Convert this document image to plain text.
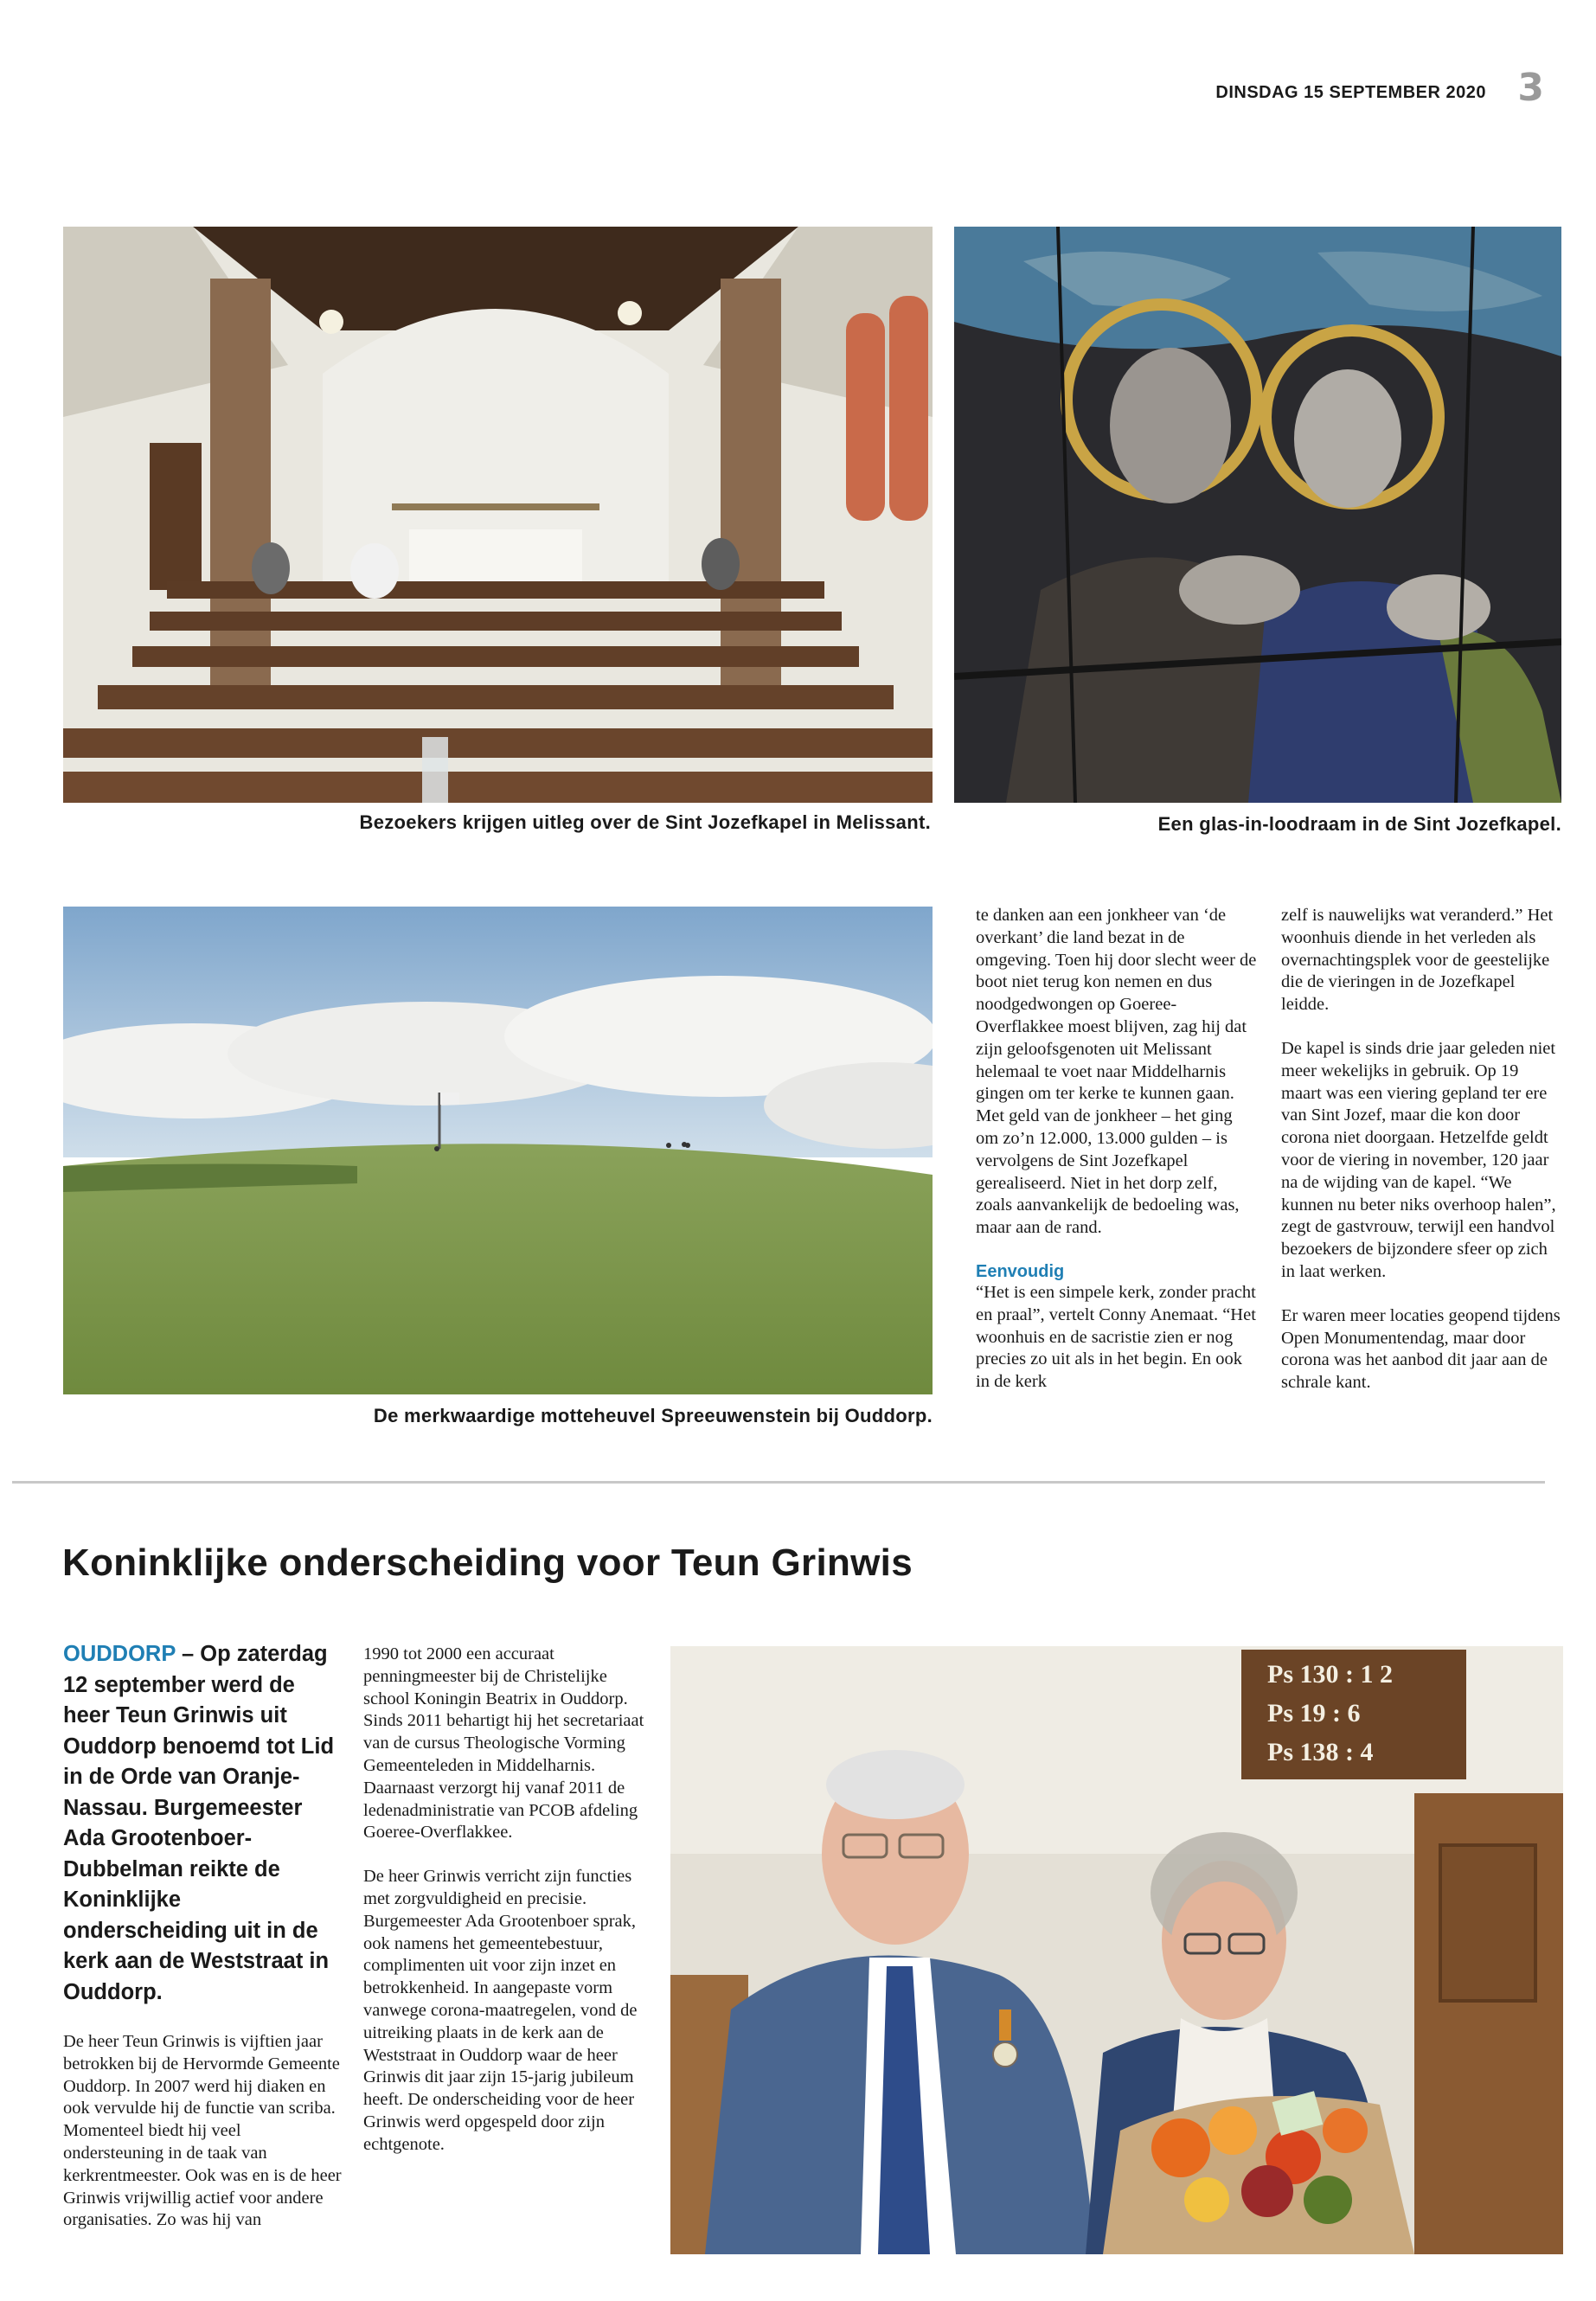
DINSDAG 15 SEPTEMBER 2020 3
Bezoekers krijgen uitleg over de Sint Jozefkapel in Melissant.	Een glas-in-loodraam in de Sint Jozefkapel.
De merkwaardige motteheuvel Spreeuwenstein bij Ouddorp.

te danken aan een jonkheer van ‘de overkant’ die land bezat in de omgeving. Toen hij door slecht weer de boot niet terug kon nemen en dus noodgedwongen op Goeree-Overflakkee moest blijven, zag hij dat zijn geloofsgenoten uit Melissant helemaal te voet naar Middelharnis gingen om ter kerke te kunnen gaan. Met geld van de jonkheer – het ging om zo’n 12.000, 13.000 gulden – is vervolgens de Sint Jozefkapel gerealiseerd. Niet in het dorp zelf, zoals aanvankelijk de bedoeling was, maar aan de rand.

Eenvoudig

“Het is een simpele kerk, zonder pracht en praal”, vertelt Conny Anemaat. “Het woonhuis en de sacristie zien er nog precies zo uit als in het begin. En ook in de kerk

zelf is nauwelijks wat veranderd.” Het woonhuis diende in het verleden als overnachtingsplek voor de geestelijke die de vieringen in de Jozefkapel leidde.

De kapel is sinds drie jaar geleden niet meer wekelijks in gebruik. Op 19 maart was een viering gepland ter ere van Sint Jozef, maar die kon door corona niet doorgaan. Hetzelfde geldt voor de viering in november, 120 jaar na de wijding van de kapel. “We kunnen nu beter niks overhoop halen”, zegt de gastvrouw, terwijl een handvol bezoekers de bijzondere sfeer op zich in laat werken.

Er waren meer locaties geopend tijdens Open Monumentendag, maar door corona was het aanbod dit jaar aan de schrale kant.

Koninklijke onderscheiding voor Teun Grinwis
OUDDORP – Op zaterdag 12 september werd de heer Teun Grinwis uit Ouddorp benoemd tot Lid in de Orde van Oranje-Nassau. Burgemeester Ada Grootenboer-Dubbelman reikte de Koninklijke onderscheiding uit in de kerk aan de Weststraat in Ouddorp.

De heer Teun Grinwis is vijftien jaar betrokken bij de Hervormde Gemeente Ouddorp. In 2007 werd hij diaken en ook vervulde hij de functie van scriba. Momenteel biedt hij veel ondersteuning in de taak van kerkrentmeester. Ook was en is de heer Grinwis vrijwillig actief voor andere organisaties. Zo was hij van

1990 tot 2000 een accuraat penningmeester bij de Christelijke school Koningin Beatrix in Ouddorp. Sinds 2011 behartigt hij het secretariaat van de cursus Theologische Vorming Gemeenteleden in Middelharnis. Daarnaast verzorgt hij vanaf 2011 de ledenadministratie van PCOB afdeling Goeree-Overflakkee.

De heer Grinwis verricht zijn functies met zorgvuldigheid en precisie. Burgemeester Ada Grootenboer sprak, ook namens het gemeentebestuur, complimenten uit voor zijn inzet en betrokkenheid. In aangepaste vorm vanwege corona-maatregelen, vond de uitreiking plaats in de kerk aan de Weststraat in Ouddorp waar de heer Grinwis dit jaar zijn 15-jarig jubileum heeft. De onderscheiding voor de heer Grinwis werd opgespeld door zijn echtgenote.

Ps 130 : 1 2
Ps 19 : 6
Ps 138 : 4
